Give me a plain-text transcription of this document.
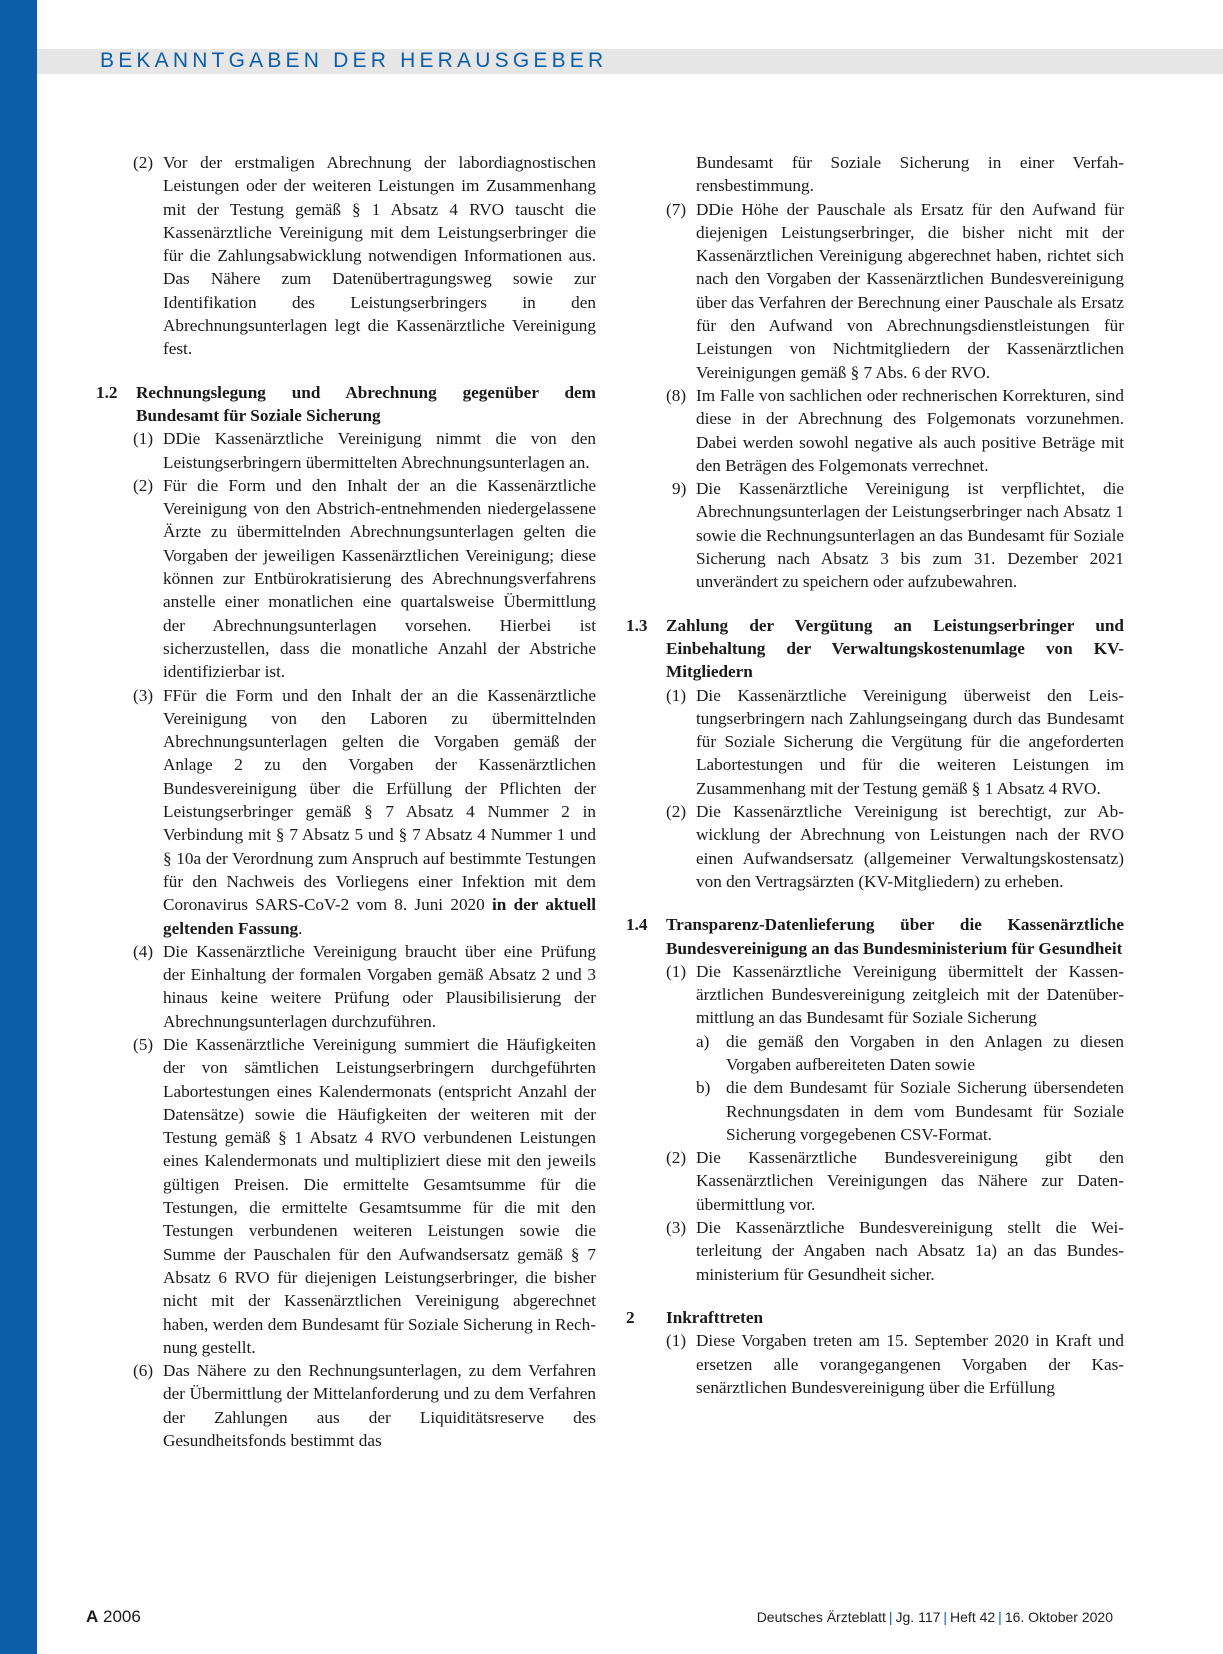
BEKANNTGABEN DER HERAUSGEBER
(2) Vor der erstmaligen Abrechnung der labordiagnostischen Leistungen oder der weiteren Leistungen im Zusammenhang mit der Testung gemäß § 1 Absatz 4 RVO tauscht die Kassenärztliche Vereinigung mit dem Leistungserbringer die für die Zahlungsabwicklung notwendigen Informationen aus. Das Nähere zum Datenübertragungsweg sowie zur Identifikation des Leistungserbringers in den Abrechnungsunterlagen legt die Kassenärztliche Vereinigung fest.
1.2 Rechnungslegung und Abrechnung gegenüber dem Bundesamt für Soziale Sicherung
(1) DDie Kassenärztliche Vereinigung nimmt die von den Leistungserbringern übermittelten Abrechnungsunterlagen an.
(2) Für die Form und den Inhalt der an die Kassenärztliche Vereinigung von den Abstrich-entnehmenden niedergelassene Ärzte zu übermittelnden Abrechnungsunterlagen gelten die Vorgaben der jeweiligen Kassenärztlichen Vereinigung; diese können zur Entbürokratisierung des Abrechnungsverfahrens anstelle einer monatlichen eine quartalsweise Übermittlung der Abrechnungsunterlagen vorsehen. Hierbei ist sicherzustellen, dass die monatliche Anzahl der Abstriche identifizierbar ist.
(3) FFür die Form und den Inhalt der an die Kassenärztliche Vereinigung von den Laboren zu übermittelnden Abrechnungsunterlagen gelten die Vorgaben gemäß der Anlage 2 zu den Vorgaben der Kassenärztlichen Bundesvereinigung über die Erfüllung der Pflichten der Leistungserbringer gemäß § 7 Absatz 4 Nummer 2 in Verbindung mit § 7 Absatz 5 und § 7 Absatz 4 Nummer 1 und § 10a der Verordnung zum Anspruch auf bestimmte Testungen für den Nachweis des Vorliegens einer Infektion mit dem Coronavirus SARS-CoV-2 vom 8. Juni 2020 in der aktuell geltenden Fassung.
(4) Die Kassenärztliche Vereinigung braucht über eine Prüfung der Einhaltung der formalen Vorgaben gemäß Absatz 2 und 3 hinaus keine weitere Prüfung oder Plausibilisierung der Abrechnungsunterlagen durchzuführen.
(5) Die Kassenärztliche Vereinigung summiert die Häufigkeiten der von sämtlichen Leistungserbringern durchgeführten Labortestungen eines Kalendermonats (entspricht Anzahl der Datensätze) sowie die Häufigkeiten der weiteren mit der Testung gemäß § 1 Absatz 4 RVO verbundenen Leistungen eines Kalendermonats und multipliziert diese mit den jeweils gültigen Preisen. Die ermittelte Gesamtsumme für die Testungen, die ermittelte Gesamtsumme für die mit den Testungen verbundenen weiteren Leistungen sowie die Summe der Pauschalen für den Aufwandsersatz gemäß § 7 Absatz 6 RVO für diejenigen Leistungserbringer, die bisher nicht mit der Kassenärztlichen Vereinigung abgerechnet haben, werden dem Bundesamt für Soziale Sicherung in Rechnung gestellt.
(6) Das Nähere zu den Rechnungsunterlagen, zu dem Verfahren der Übermittlung der Mittelanforderung und zu dem Verfahren der Zahlungen aus der Liquiditätsreserve des Gesundheitsfonds bestimmt das
Bundesamt für Soziale Sicherung in einer Verfahrensbestimmung.
(7) DDie Höhe der Pauschale als Ersatz für den Aufwand für diejenigen Leistungserbringer, die bisher nicht mit der Kassenärztlichen Vereinigung abgerechnet haben, richtet sich nach den Vorgaben der Kassenärztlichen Bundesvereinigung über das Verfahren der Berechnung einer Pauschale als Ersatz für den Aufwand von Abrechnungsdienstleistungen für Leistungen von Nichtmitgliedern der Kassenärztlichen Vereinigungen gemäß § 7 Abs. 6 der RVO.
(8) Im Falle von sachlichen oder rechnerischen Korrekturen, sind diese in der Abrechnung des Folgemonats vorzunehmen. Dabei werden sowohl negative als auch positive Beträge mit den Beträgen des Folgemonats verrechnet.
9) Die Kassenärztliche Vereinigung ist verpflichtet, die Abrechnungsunterlagen der Leistungserbringer nach Absatz 1 sowie die Rechnungsunterlagen an das Bundesamt für Soziale Sicherung nach Absatz 3 bis zum 31. Dezember 2021 unverändert zu speichern oder aufzubewahren.
1.3 Zahlung der Vergütung an Leistungserbringer und Einbehaltung der Verwaltungskostenumlage von KV-Mitgliedern
(1) Die Kassenärztliche Vereinigung überweist den Leistungserbringern nach Zahlungseingang durch das Bundesamt für Soziale Sicherung die Vergütung für die angeforderten Labortestungen und für die weiteren Leistungen im Zusammenhang mit der Testung gemäß § 1 Absatz 4 RVO.
(2) Die Kassenärztliche Vereinigung ist berechtigt, zur Abwicklung der Abrechnung von Leistungen nach der RVO einen Aufwandsersatz (allgemeiner Verwaltungskostensatz) von den Vertragsärzten (KV-Mitgliedern) zu erheben.
1.4 Transparenz-Datenlieferung über die Kassenärztliche Bundesvereinigung an das Bundesministerium für Gesundheit
(1) Die Kassenärztliche Vereinigung übermittelt der Kassenärztlichen Bundesvereinigung zeitgleich mit der Datenübermittlung an das Bundesamt für Soziale Sicherung
a) die gemäß den Vorgaben in den Anlagen zu diesen Vorgaben aufbereiteten Daten sowie
b) die dem Bundesamt für Soziale Sicherung übersendeten Rechnungsdaten in dem vom Bundesamt für Soziale Sicherung vorgegebenen CSV-Format.
(2) Die Kassenärztliche Bundesvereinigung gibt den Kassenärztlichen Vereinigungen das Nähere zur Datenübermittlung vor.
(3) Die Kassenärztliche Bundesvereinigung stellt die Weiterleitung der Angaben nach Absatz 1a) an das Bundesministerium für Gesundheit sicher.
2 Inkrafttreten
(1) Diese Vorgaben treten am 15. September 2020 in Kraft und ersetzen alle vorangegangenen Vorgaben der Kassenärztlichen Bundesvereinigung über die Erfüllung
A 2006	Deutsches Ärzteblatt | Jg. 117 | Heft 42 | 16. Oktober 2020
